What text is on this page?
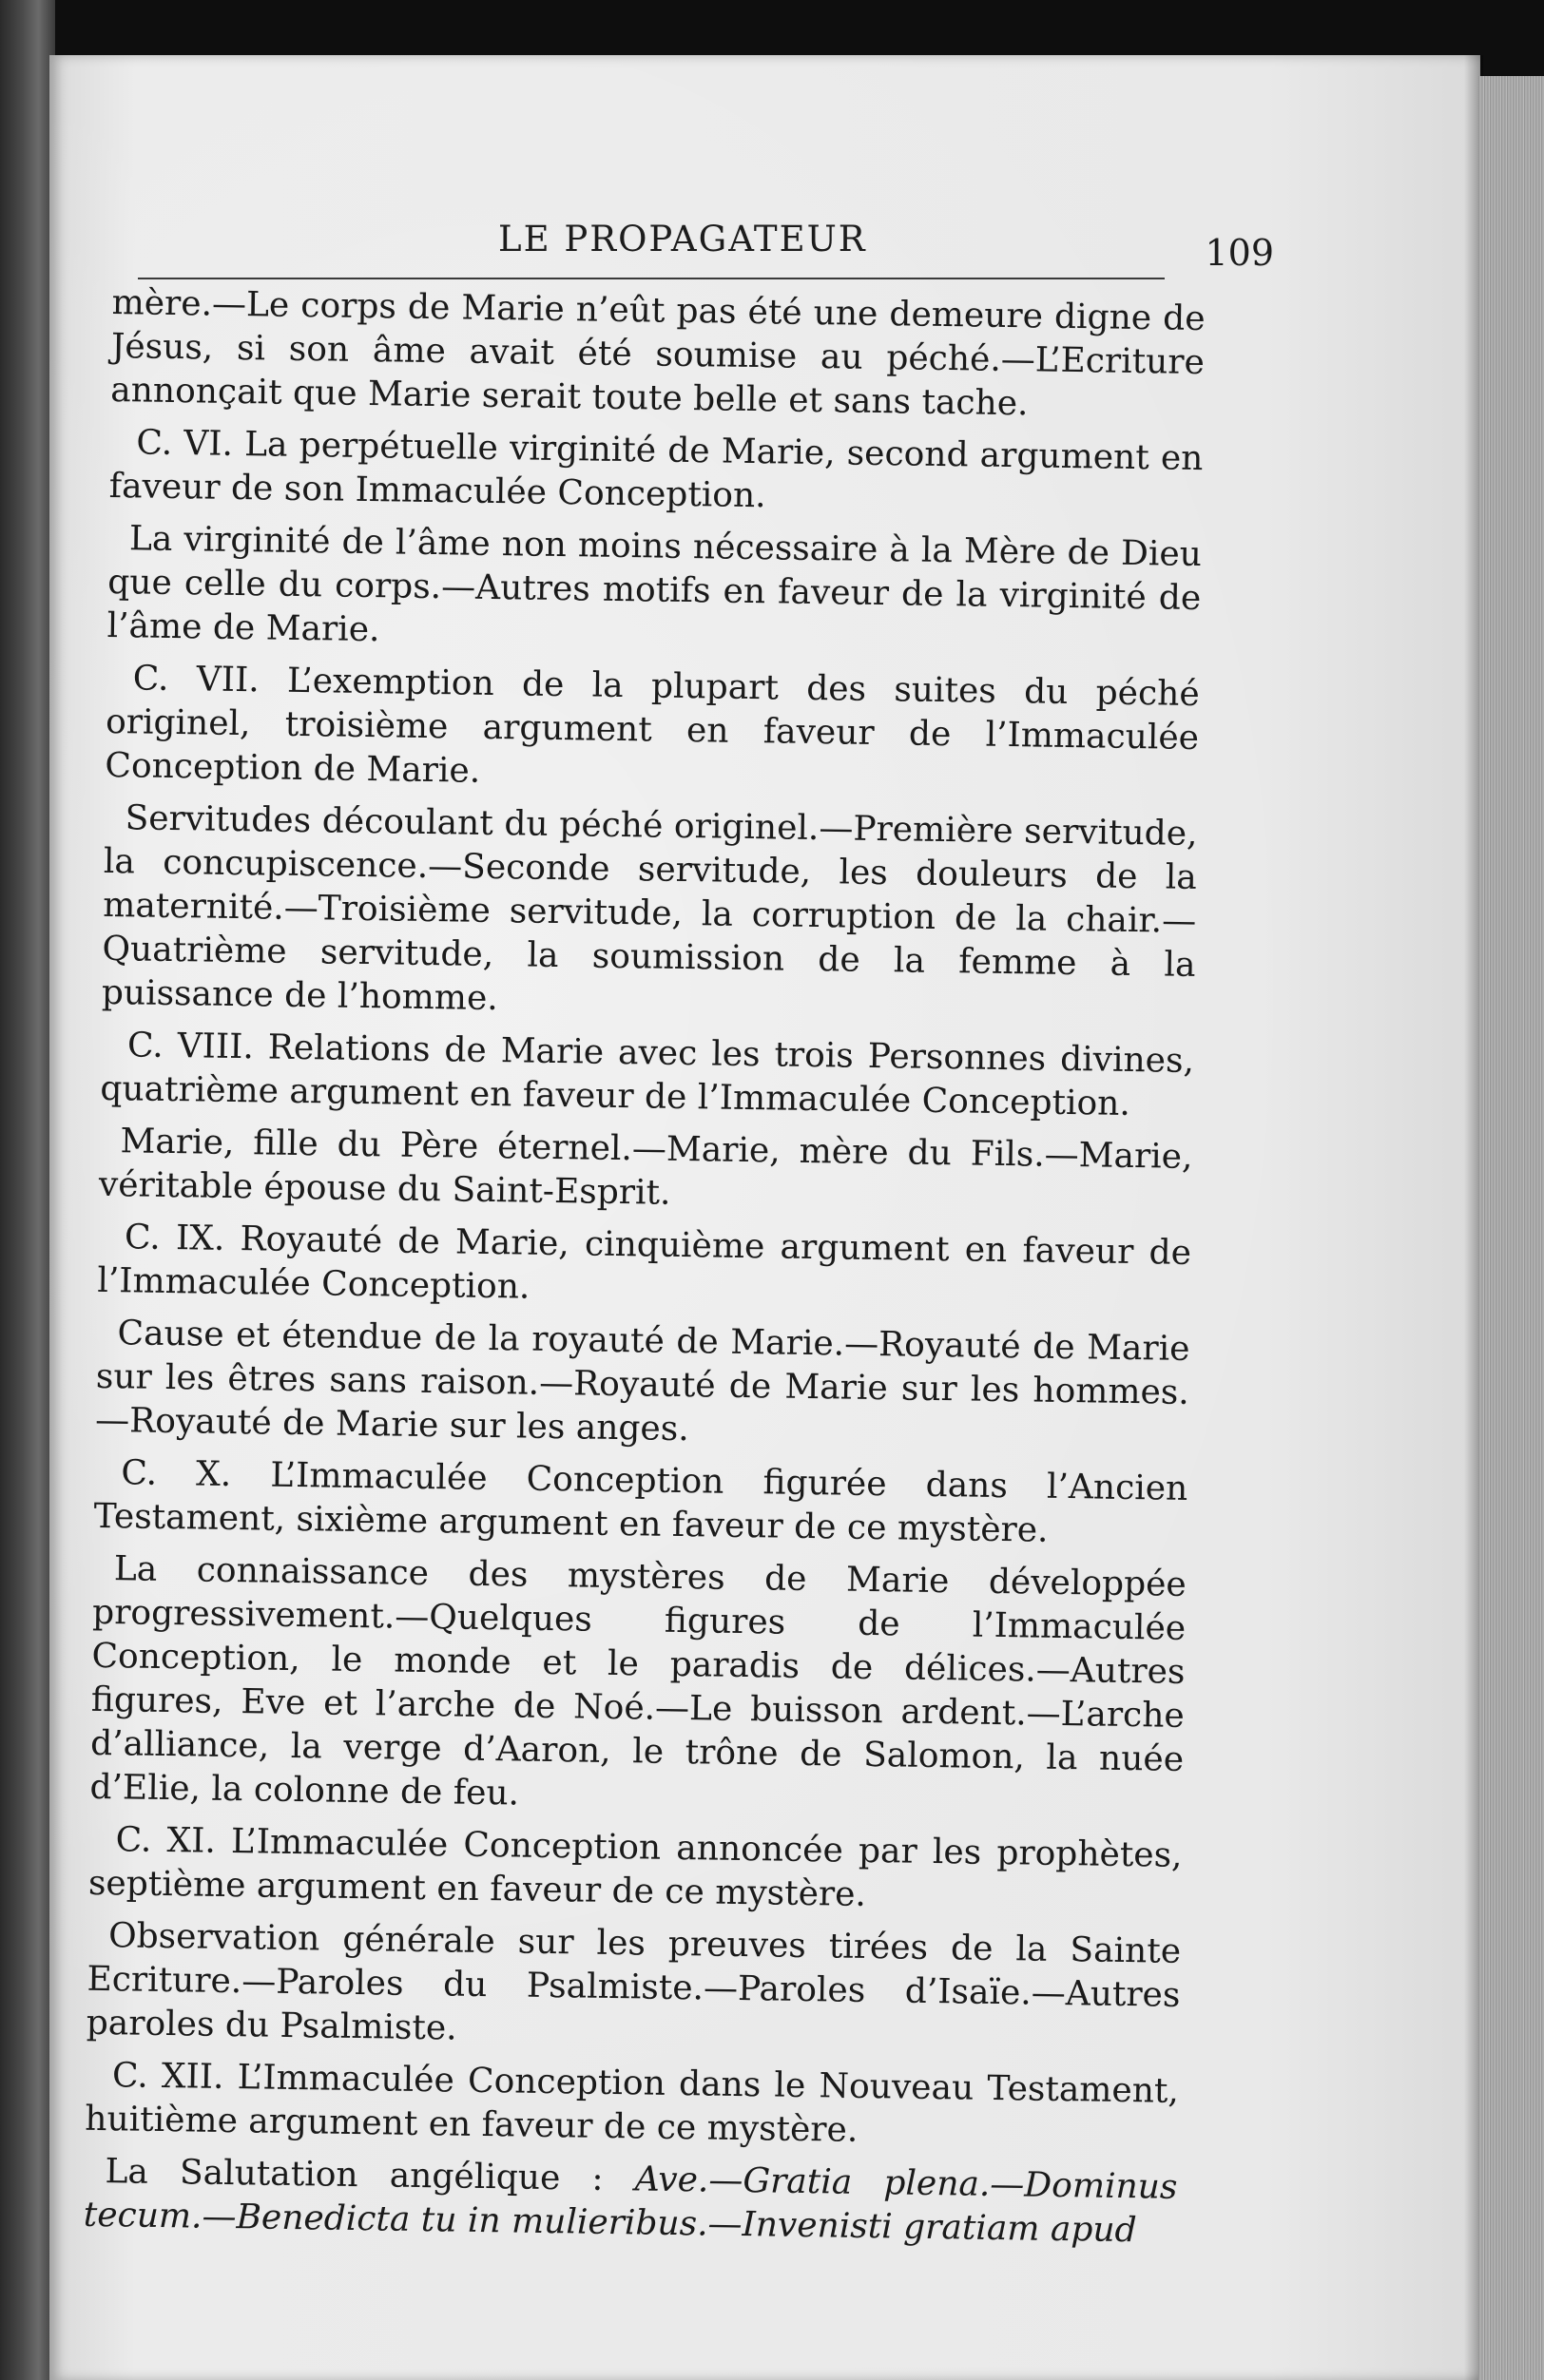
LE PROPAGATEUR	109

mère.—Le corps de Marie n’eût pas été une demeure digne de Jésus, si son âme avait été soumise au péché.—L’Ecriture annonçait que Marie serait toute belle et sans tache.

C. VI. La perpétuelle virginité de Marie, second argument en faveur de son Immaculée Conception.

La virginité de l’âme non moins nécessaire à la Mère de Dieu que celle du corps.—Autres motifs en faveur de la virginité de l’âme de Marie.

C. VII. L’exemption de la plupart des suites du péché originel, troisième argument en faveur de l’Immaculée Conception de Marie.

Servitudes découlant du péché originel.—Première servitude, la concupiscence.—Seconde servitude, les douleurs de la maternité.—Troisième servitude, la corruption de la chair.—Quatrième servitude, la soumission de la femme à la puissance de l’homme.

C. VIII. Relations de Marie avec les trois Personnes divines, quatrième argument en faveur de l’Immaculée Conception.

Marie, fille du Père éternel.—Marie, mère du Fils.—Marie, véritable épouse du Saint-Esprit.

C. IX. Royauté de Marie, cinquième argument en faveur de l’Immaculée Conception.

Cause et étendue de la royauté de Marie.—Royauté de Marie sur les êtres sans raison.—Royauté de Marie sur les hommes.—Royauté de Marie sur les anges.

C. X. L’Immaculée Conception figurée dans l’Ancien Testament, sixième argument en faveur de ce mystère.

La connaissance des mystères de Marie développée progressivement.—Quelques figures de l’Immaculée Conception, le monde et le paradis de délices.—Autres figures, Eve et l’arche de Noé.—Le buisson ardent.—L’arche d’alliance, la verge d’Aaron, le trône de Salomon, la nuée d’Elie, la colonne de feu.

C. XI. L’Immaculée Conception annoncée par les prophètes, septième argument en faveur de ce mystère.

Observation générale sur les preuves tirées de la Sainte Ecriture.—Paroles du Psalmiste.—Paroles d’Isaïe.—Autres paroles du Psalmiste.

C. XII. L’Immaculée Conception dans le Nouveau Testament, huitième argument en faveur de ce mystère.

La Salutation angélique : Ave.—Gratia plena.—Dominus tecum.—Benedicta tu in mulieribus.—Invenisti gratiam apud
